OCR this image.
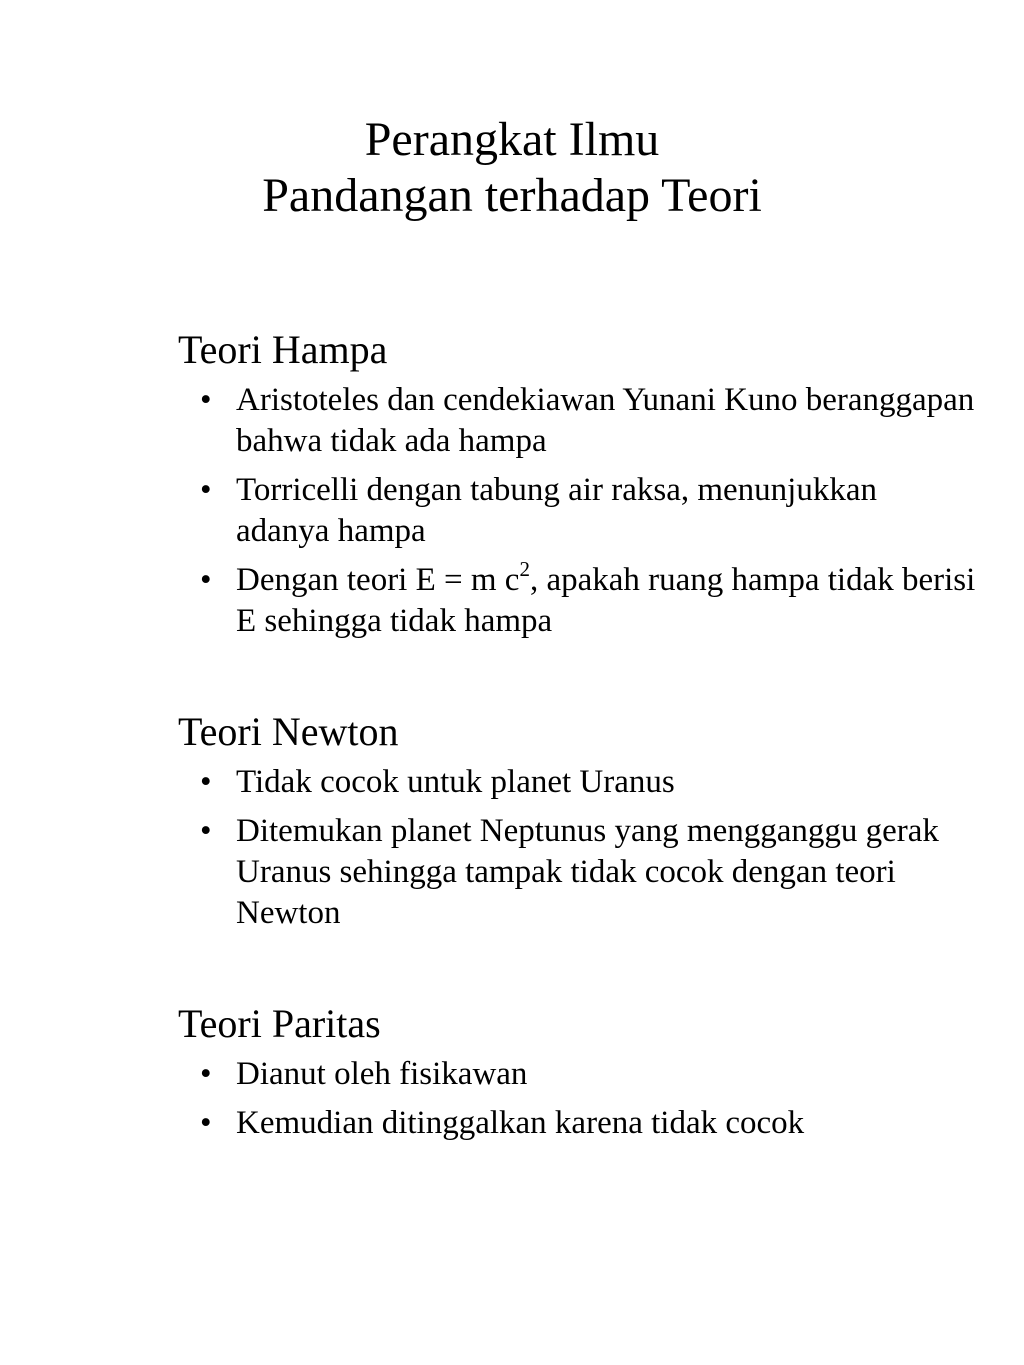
Perangkat Ilmu
Pandangan terhadap Teori
Teori Hampa
• Aristoteles dan cendekiawan Yunani Kuno beranggapan bahwa tidak ada hampa
• Torricelli dengan tabung air raksa, menunjukkan adanya hampa
• Dengan teori E = m $c^2$, apakah ruang hampa tidak berisi E sehingga tidak hampa
Teori Newton
• Tidak cocok untuk planet Uranus
• Ditemukan planet Neptunus yang mengganggu gerak Uranus sehingga tampak tidak cocok dengan teori Newton
Teori Paritas
• Dianut oleh fisikawan
• Kemudian ditinggalkan karena tidak cocok
